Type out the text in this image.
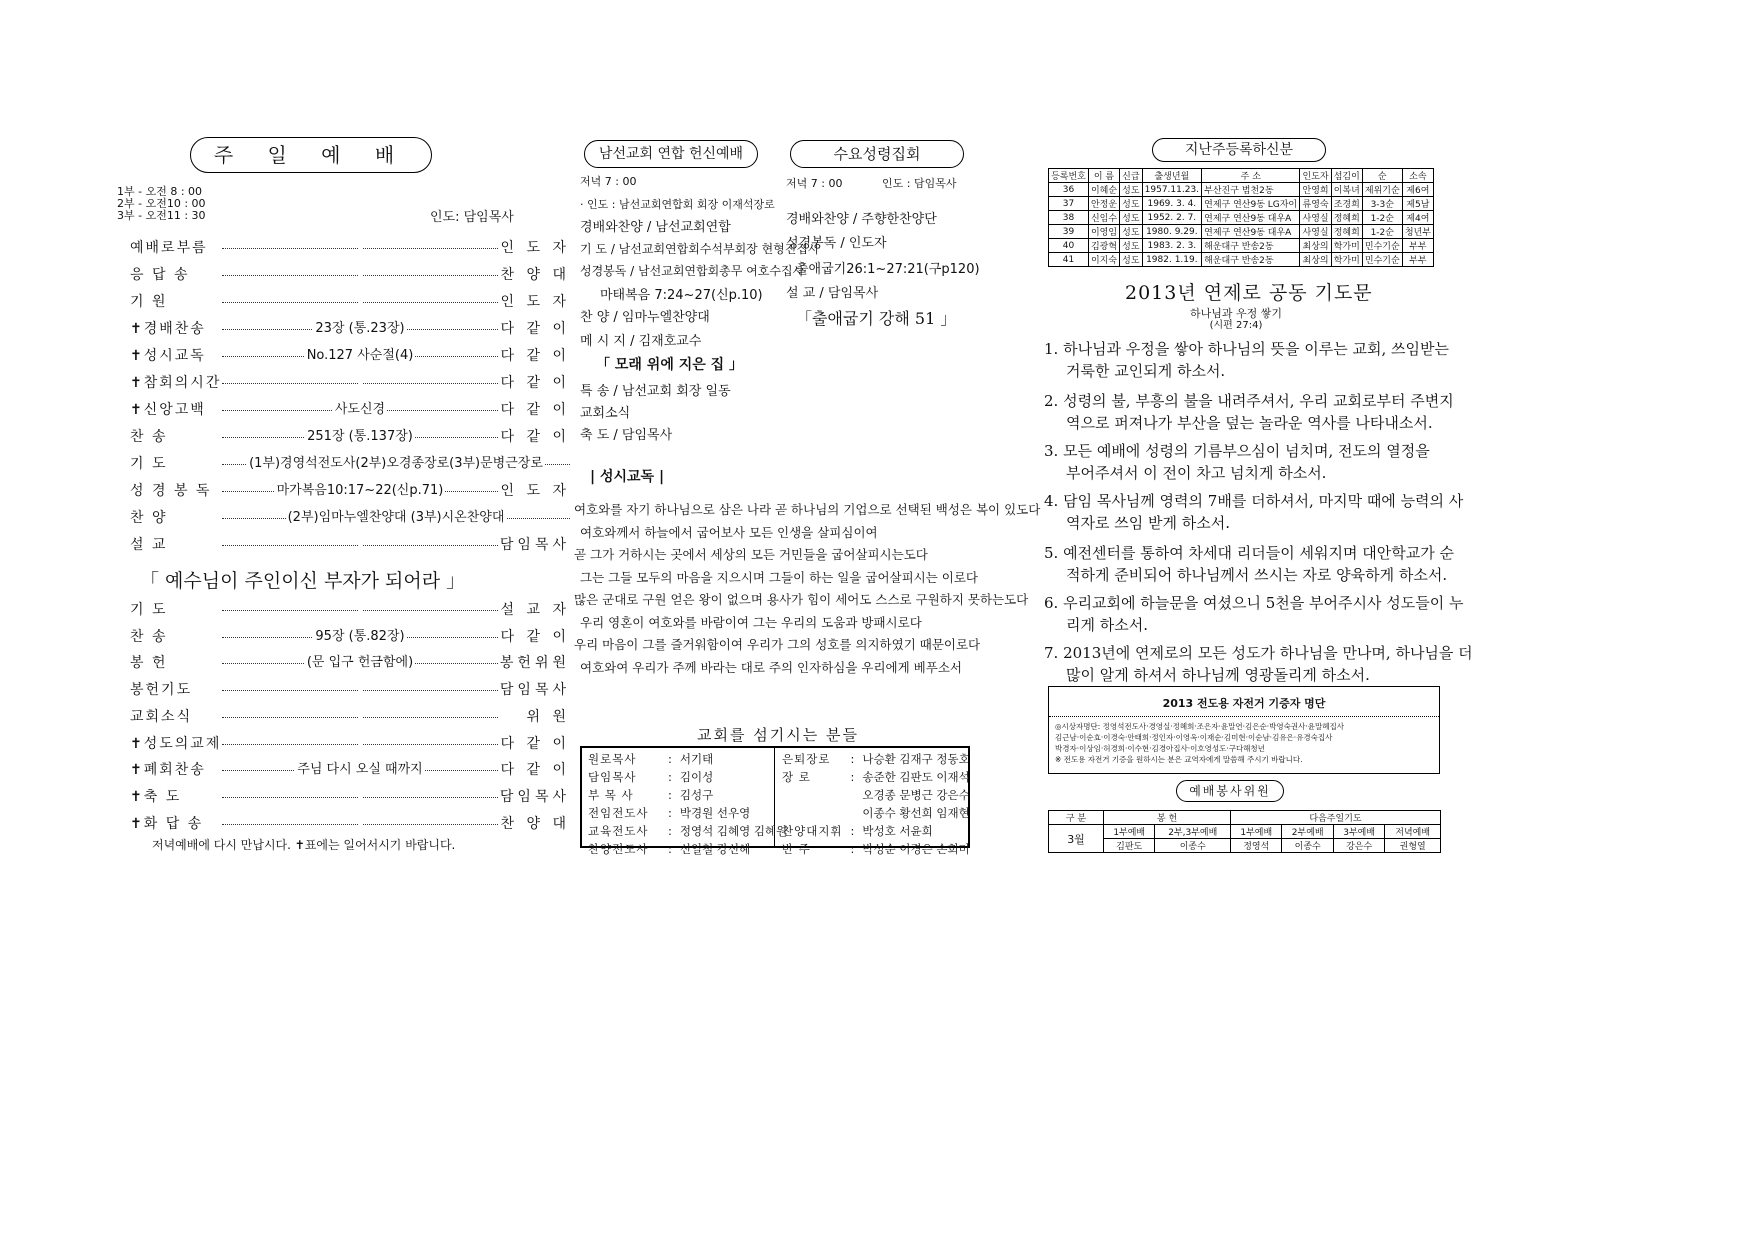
주 일 예 배
1부 - 오전 8 : 00
2부 - 오전10 : 00
3부 - 오전11 : 30	인도: 담임목사
예배로부름	인 도 자
응 답 송	찬 양 대
기 원	인 도 자
✝경배찬송	23장 (통.23장)	다 같 이
✝성시교독	No.127 사순절(4)	다 같 이
✝참회의시간	다 같 이
✝신앙고백	사도신경	다 같 이
찬 송	251장 (통.137장)	다 같 이
기 도	(1부)경영석전도사(2부)오경종장로(3부)문병근장로
성 경 봉 독	마가복음10:17~22(신p.71)	인 도 자
찬 양	(2부)임마누엘찬양대 (3부)시온찬양대
설 교	담임목사
「 예수님이 주인이신 부자가 되어라 」
기 도	설 교 자
찬 송	95장 (통.82장)	다 같 이
봉 헌	(문 입구 헌금함에)	봉헌위원
봉헌기도	담임목사
교회소식	위 원
✝성도의교제	다 같 이
✝폐회찬송	주님 다시 오실 때까지	다 같 이
✝축 도	담임목사
✝화 답 송	찬 양 대
저녁예배에 다시 만납시다. ✝표에는 일어서시기 바랍니다.
남선교회 연합 헌신예배	수요성령집회
저녁 7 : 00
· 인도 : 남선교회연합회 회장 이재석장로
경배와찬양 / 남선교회연합
기 도 / 남선교회연합회수석부회장 현형진집사
성경봉독 / 남선교회연합회총무 여호수집사
마태복음 7:24~27(신p.10)
찬 양 / 임마누엘찬양대
메 시 지 / 김재호교수
「 모래 위에 지은 집 」
특 송 / 남선교회 회장 일동
교회소식
축 도 / 담임목사
저녁 7 : 00	인도 : 담임목사
경배와찬양 / 주향한찬양단
성경봉독 / 인도자
출애굽기26:1~27:21(구p120)
설 교 / 담임목사
「출애굽기 강해 51 」
| 성시교독 |
여호와를 자기 하나님으로 삼은 나라 곧 하나님의 기업으로 선택된 백성은 복이 있도다
여호와께서 하늘에서 굽어보사 모든 인생을 살피심이여
곧 그가 거하시는 곳에서 세상의 모든 거민들을 굽어살피시는도다
그는 그들 모두의 마음을 지으시며 그들이 하는 일을 굽어살피시는 이로다
많은 군대로 구원 얻은 왕이 없으며 용사가 힘이 세어도 스스로 구원하지 못하는도다
우리 영혼이 여호와를 바람이여 그는 우리의 도움과 방패시로다
우리 마음이 그를 즐거워함이여 우리가 그의 성호를 의지하였기 때문이로다
여호와여 우리가 주께 바라는 대로 주의 인자하심을 우리에게 베푸소서
교회를 섬기시는 분들
원로목사	:	서기태
담임목사	:	김이성
부 목 사	:	김성구
전임전도사	:	박경원 선우영
교육전도사	:	정영석 김혜영 김혜원
찬양전도사	:	신일철 강신혜
은퇴장로	:	나승환 김재구 정동호
장 로	:	송준한 김판도 이재석
		오경종 문병근 강은수
		이종수 황선희 임재현
찬양대지휘	:	박성호 서윤희
반 주	:	박성순 이경은 손희미
지난주등록하신분
등록번호	이 름	신급	출생년월	주 소	인도자	섬김이	순	소속
36	이혜순	성도	1957.11.23.	부산진구 범천2동	안영희	이복녀	제위기순	제6여
37	안정운	성도	1969. 3. 4.	연제구 연산9동 LG자이	류영숙	조경희	3-3순	제5남
38	신임수	성도	1952. 2. 7.	연제구 연산9동 대우A	사영실	정혜희	1-2순	제4여
39	이영임	성도	1980. 9.29.	연제구 연산9동 대우A	사영실	정혜희	1-2순	청년부
40	김광혁	성도	1983. 2. 3.	해운대구 반송2동	최상의	학가미	민수기순	부부
41	이지숙	성도	1982. 1.19.	해운대구 반송2동	최상의	학가미	민수기순	부부
2013년 연제로 공동 기도문
하나님과 우정 쌓기
(시편 27:4)
1. 하나님과 우정을 쌓아 하나님의 뜻을 이루는 교회, 쓰임받는
거룩한 교인되게 하소서.
2. 성령의 불, 부흥의 불을 내려주셔서, 우리 교회로부터 주변지
역으로 퍼져나가 부산을 덮는 놀라운 역사를 나타내소서.
3. 모든 예배에 성령의 기름부으심이 넘치며, 전도의 열정을
부어주셔서 이 전이 차고 넘치게 하소서.
4. 담임 목사님께 영력의 7배를 더하셔서, 마지막 때에 능력의 사
역자로 쓰임 받게 하소서.
5. 예전센터를 통하여 차세대 리더들이 세워지며 대안학교가 순
적하게 준비되어 하나님께서 쓰시는 자로 양육하게 하소서.
6. 우리교회에 하늘문을 여셨으니 5천을 부어주시사 성도들이 누
리게 하소서.
7. 2013년에 연제로의 모든 성도가 하나님을 만나며, 하나님을 더
많이 알게 하셔서 하나님께 영광돌리게 하소서.
2013 전도용 자전거 기증자 명단
◎시상자명단: 정영석전도사·경영실·정혜희·조은자·윤말연·김은순·박영숙권사·윤말혜집사
김근남·이순효·이경숙·안태희·정인자·이영옥·이재순·김미현·이순남·김유은·유경숙집사
박경자·이상임·허경희·이수현·김경아집사·이호영성도·구다해청년
※ 전도용 자전거 기증을 원하시는 분은 교역자에게 말씀해 주시기 바랍니다.
예배봉사위원
구 분	봉 헌		다음주일기도			
3월	1부예배	2부,3부예배	1부예배	2부예배	3부예배	저녁예배
	김판도	이종수	정영석	이종수	강은수	권형열
